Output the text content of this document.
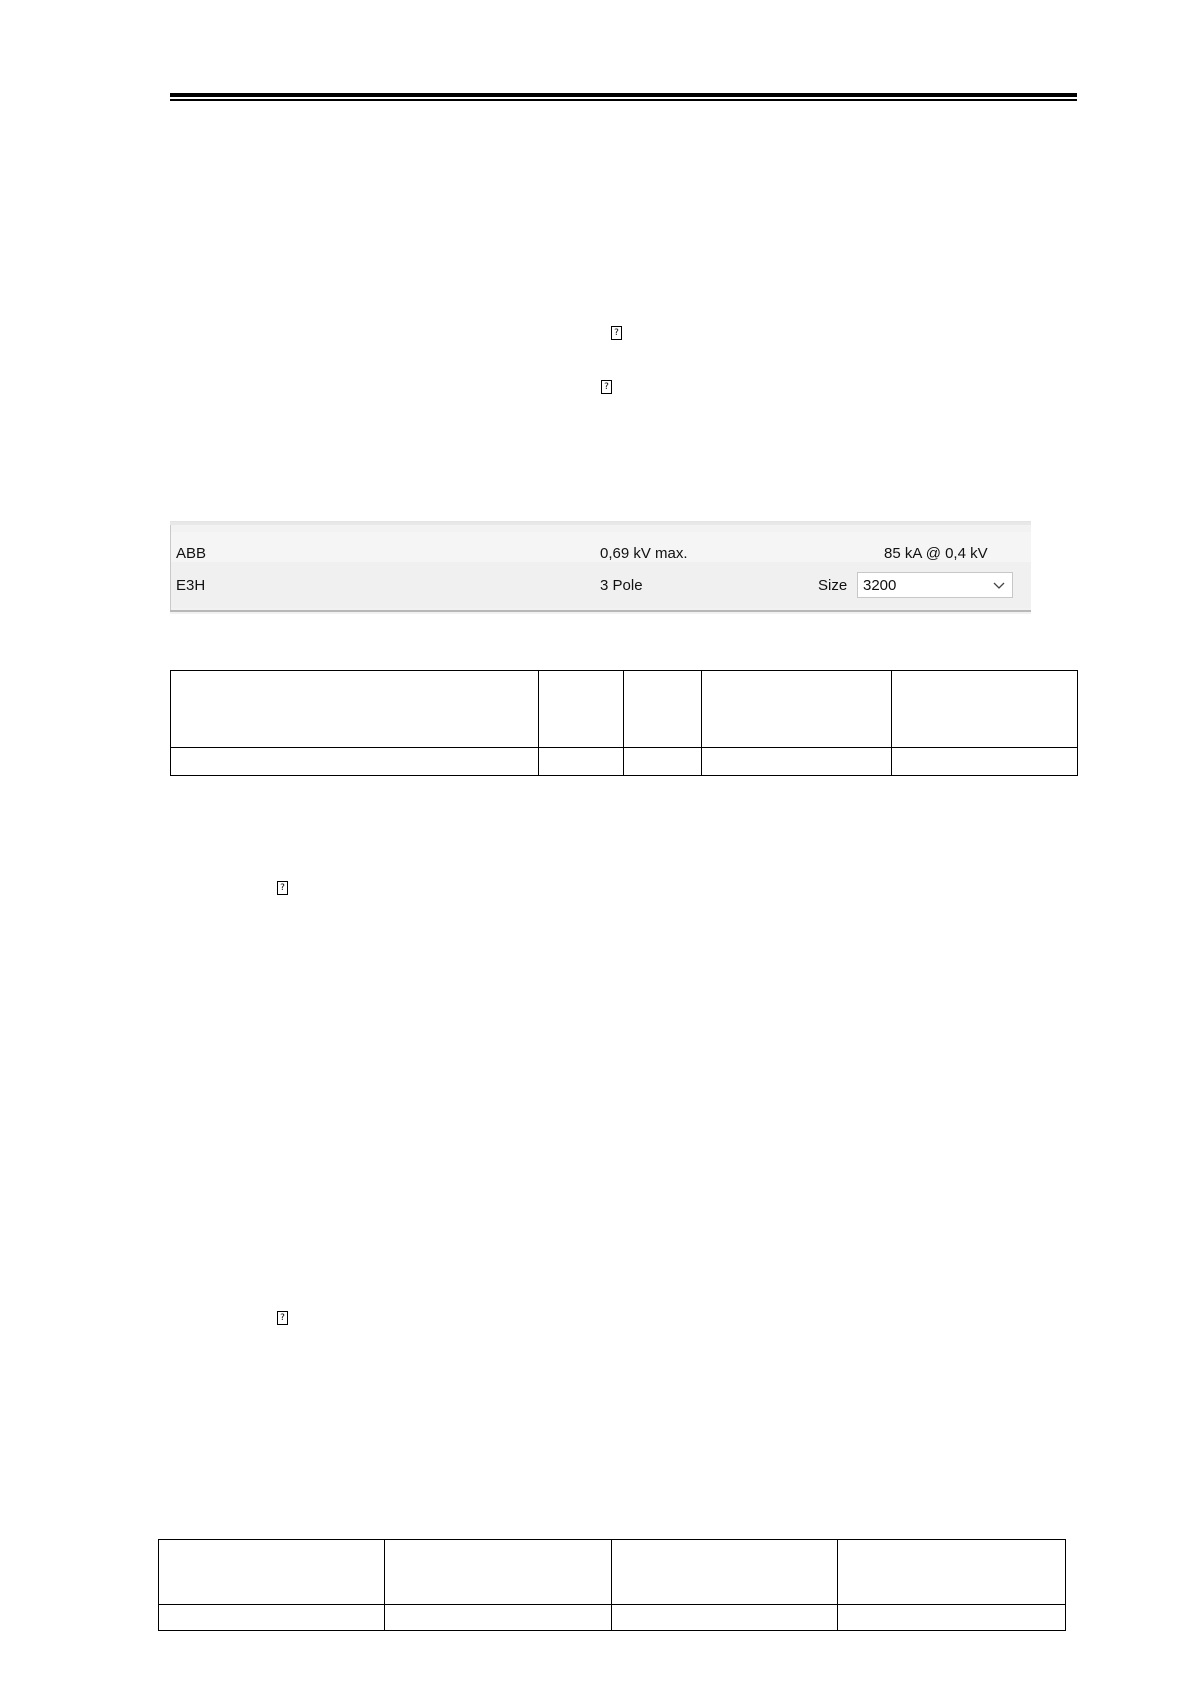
?
?
ABB	0,69 kV max.	85 kA @ 0,4 kV
E3H	3 Pole	Size 3200

?
?
